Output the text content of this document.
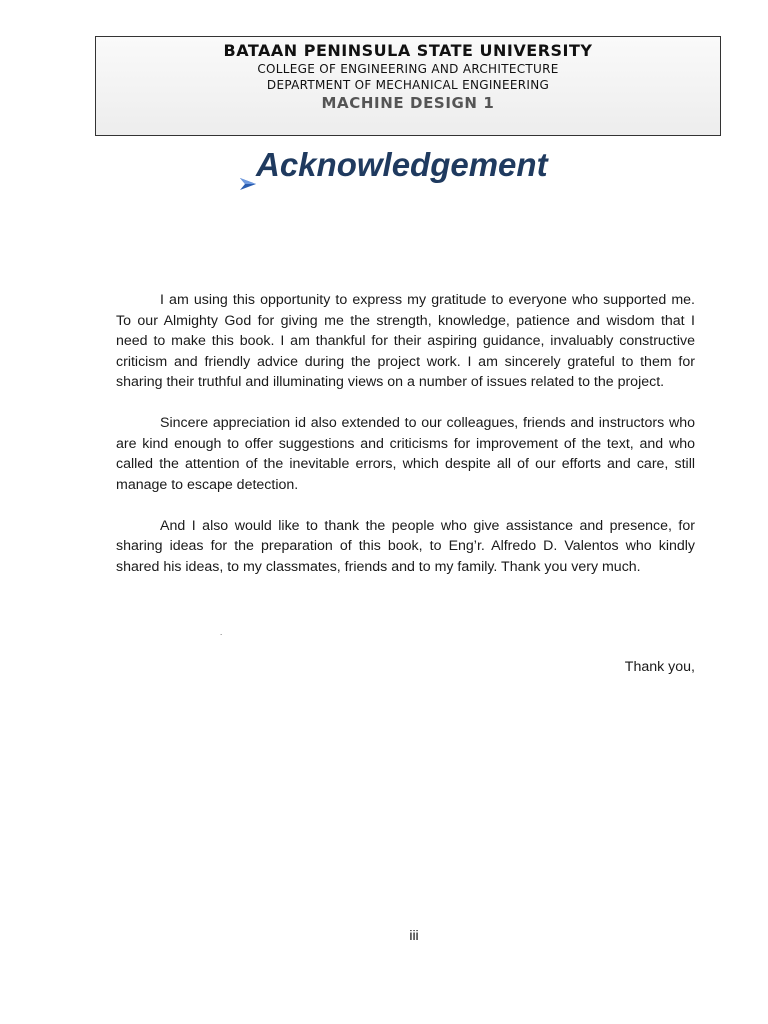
BATAAN PENINSULA STATE UNIVERSITY
COLLEGE OF ENGINEERING AND ARCHITECTURE
DEPARTMENT OF MECHANICAL ENGINEERING
MACHINE DESIGN 1
Acknowledgement

I am using this opportunity to express my gratitude to everyone who supported me. To our Almighty God for giving me the strength, knowledge, patience and wisdom that I need to make this book. I am thankful for their aspiring guidance, invaluably constructive criticism and friendly advice during the project work. I am sincerely grateful to them for sharing their truthful and illuminating views on a number of issues related to the project.

Sincere appreciation id also extended to our colleagues, friends and instructors who are kind enough to offer suggestions and criticisms for improvement of the text, and who called the attention of the inevitable errors, which despite all of our efforts and care, still manage to escape detection.

And I also would like to thank the people who give assistance and presence, for sharing ideas for the preparation of this book, to Eng’r. Alfredo D. Valentos who kindly shared his ideas, to my classmates, friends and to my family. Thank you very much.

.
Thank you,
iii
